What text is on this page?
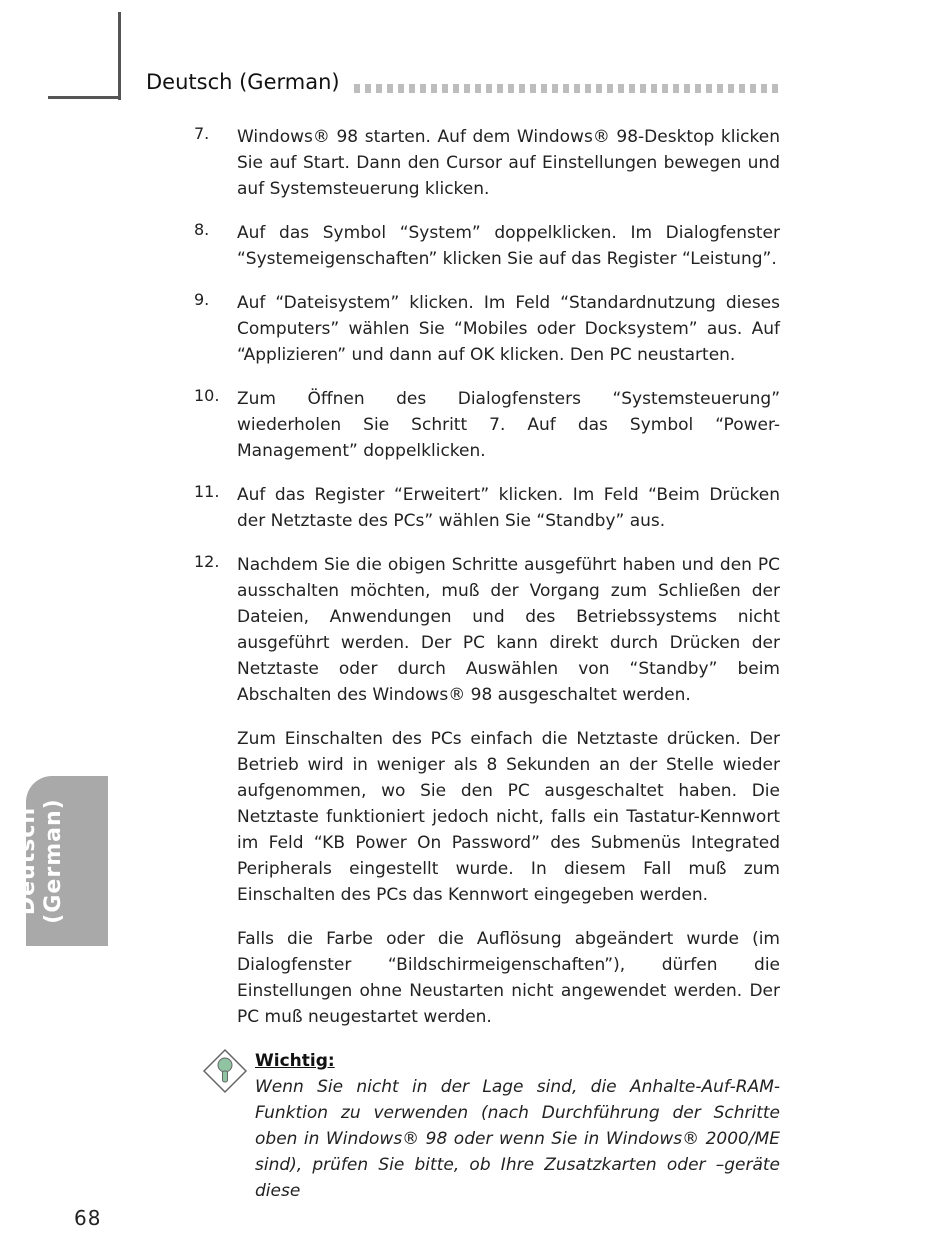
Deutsch (German)
Deutsch (German)
7. Windows® 98 starten. Auf dem Windows® 98-Desktop klicken Sie auf Start. Dann den Cursor auf Einstellungen bewegen und auf Systemsteuerung klicken.

8. Auf das Symbol “System” doppelklicken. Im Dialogfenster “Systemeigenschaften” klicken Sie auf das Register “Leistung”.

9. Auf “Dateisystem” klicken. Im Feld “Standardnutzung dieses Computers” wählen Sie “Mobiles oder Docksystem” aus. Auf “Applizieren” und dann auf OK klicken. Den PC neustarten.

10. Zum Öffnen des Dialogfensters “Systemsteuerung” wiederholen Sie Schritt 7. Auf das Symbol “Power-Management” doppelklicken.

11. Auf das Register “Erweitert” klicken. Im Feld “Beim Drücken der Netztaste des PCs” wählen Sie “Standby” aus.

12. Nachdem Sie die obigen Schritte ausgeführt haben und den PC ausschalten möchten, muß der Vorgang zum Schließen der Dateien, Anwendungen und des Betriebssystems nicht ausgeführt werden. Der PC kann direkt durch Drücken der Netztaste oder durch Auswählen von “Standby” beim Abschalten des Windows® 98 ausgeschaltet werden.

Zum Einschalten des PCs einfach die Netztaste drücken. Der Betrieb wird in weniger als 8 Sekunden an der Stelle wieder aufgenommen, wo Sie den PC ausgeschaltet haben. Die Netztaste funktioniert jedoch nicht, falls ein Tastatur-Kennwort im Feld “KB Power On Password” des Submenüs Integrated Peripherals eingestellt wurde. In diesem Fall muß zum Einschalten des PCs das Kennwort eingegeben werden.

Falls die Farbe oder die Auflösung abgeändert wurde (im Dialogfenster “Bildschirmeigenschaften”), dürfen die Einstellungen ohne Neustarten nicht angewendet werden. Der PC muß neugestartet werden.

Wichtig:

Wenn Sie nicht in der Lage sind, die Anhalte-Auf-RAM-Funktion zu verwenden (nach Durchführung der Schritte oben in Windows® 98 oder wenn Sie in Windows® 2000/ME sind), prüfen Sie bitte, ob Ihre Zusatzkarten oder –geräte diese

68
